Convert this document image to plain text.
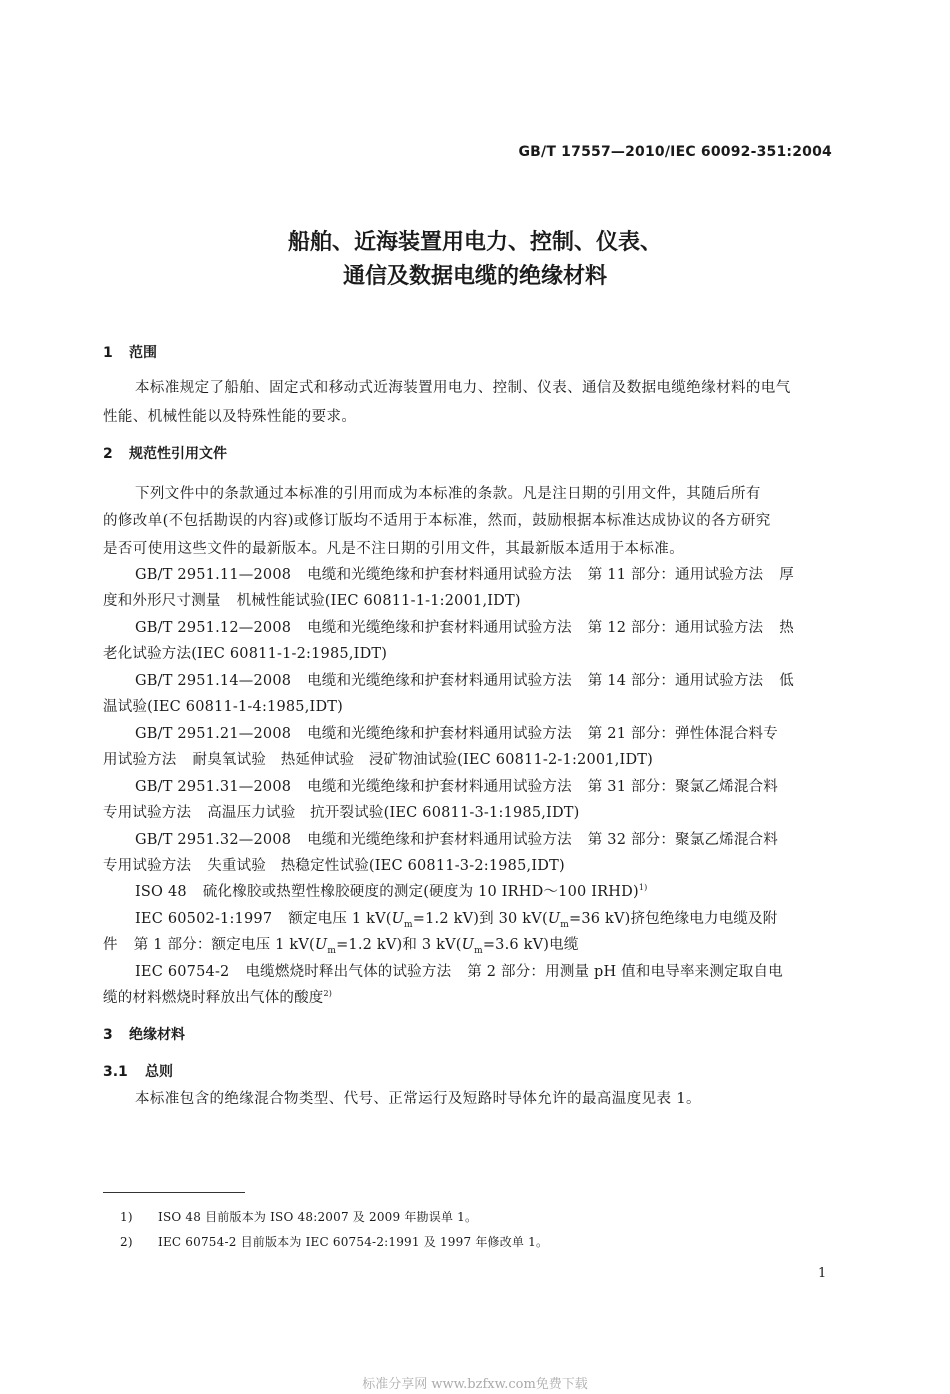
GB/T 17557—2010/IEC 60092-351:2004
船舶、近海装置用电力、控制、仪表、
通信及数据电缆的绝缘材料
1 范围
本标准规定了船舶、固定式和移动式近海装置用电力、控制、仪表、通信及数据电缆绝缘材料的电气
性能、机械性能以及特殊性能的要求。
2 规范性引用文件
下列文件中的条款通过本标准的引用而成为本标准的条款。凡是注日期的引用文件，其随后所有
的修改单(不包括勘误的内容)或修订版均不适用于本标准，然而，鼓励根据本标准达成协议的各方研究
是否可使用这些文件的最新版本。凡是不注日期的引用文件，其最新版本适用于本标准。
GB/T 2951.11—2008 电缆和光缆绝缘和护套材料通用试验方法 第 11 部分：通用试验方法 厚
度和外形尺寸测量 机械性能试验(IEC 60811-1-1:2001,IDT)
GB/T 2951.12—2008 电缆和光缆绝缘和护套材料通用试验方法 第 12 部分：通用试验方法 热
老化试验方法(IEC 60811-1-2:1985,IDT)
GB/T 2951.14—2008 电缆和光缆绝缘和护套材料通用试验方法 第 14 部分：通用试验方法 低
温试验(IEC 60811-1-4:1985,IDT)
GB/T 2951.21—2008 电缆和光缆绝缘和护套材料通用试验方法 第 21 部分：弹性体混合料专
用试验方法 耐臭氧试验　热延伸试验　浸矿物油试验(IEC 60811-2-1:2001,IDT)
GB/T 2951.31—2008 电缆和光缆绝缘和护套材料通用试验方法 第 31 部分：聚氯乙烯混合料
专用试验方法 高温压力试验　抗开裂试验(IEC 60811-3-1:1985,IDT)
GB/T 2951.32—2008 电缆和光缆绝缘和护套材料通用试验方法 第 32 部分：聚氯乙烯混合料
专用试验方法 失重试验　热稳定性试验(IEC 60811-3-2:1985,IDT)
ISO 48 硫化橡胶或热塑性橡胶硬度的测定(硬度为 10 IRHD～100 IRHD)$^{1)}$
IEC 60502-1:1997 额定电压 1 $kV(U_m=1.2$ kV)到 30 $kV(U_m=36$ kV)挤包绝缘电力电缆及附
件 第 1 部分：额定电压 1 $kV(U_m=1.2$ kV)和 3 $kV(U_m=3.6$ kV)电缆
IEC 60754-2 电缆燃烧时释出气体的试验方法 第 2 部分：用测量 pH 值和电导率来测定取自电
缆的材料燃烧时释放出气体的酸度$^{2)}$
3 绝缘材料
3.1 总则
本标准包含的绝缘混合物类型、代号、正常运行及短路时导体允许的最高温度见表 1。
1) ISO 48 目前版本为 ISO 48:2007 及 2009 年勘误单 1。
2) IEC 60754-2 目前版本为 IEC 60754-2:1991 及 1997 年修改单 1。
1
标准分享网 www.bzfxw.com免费下载
